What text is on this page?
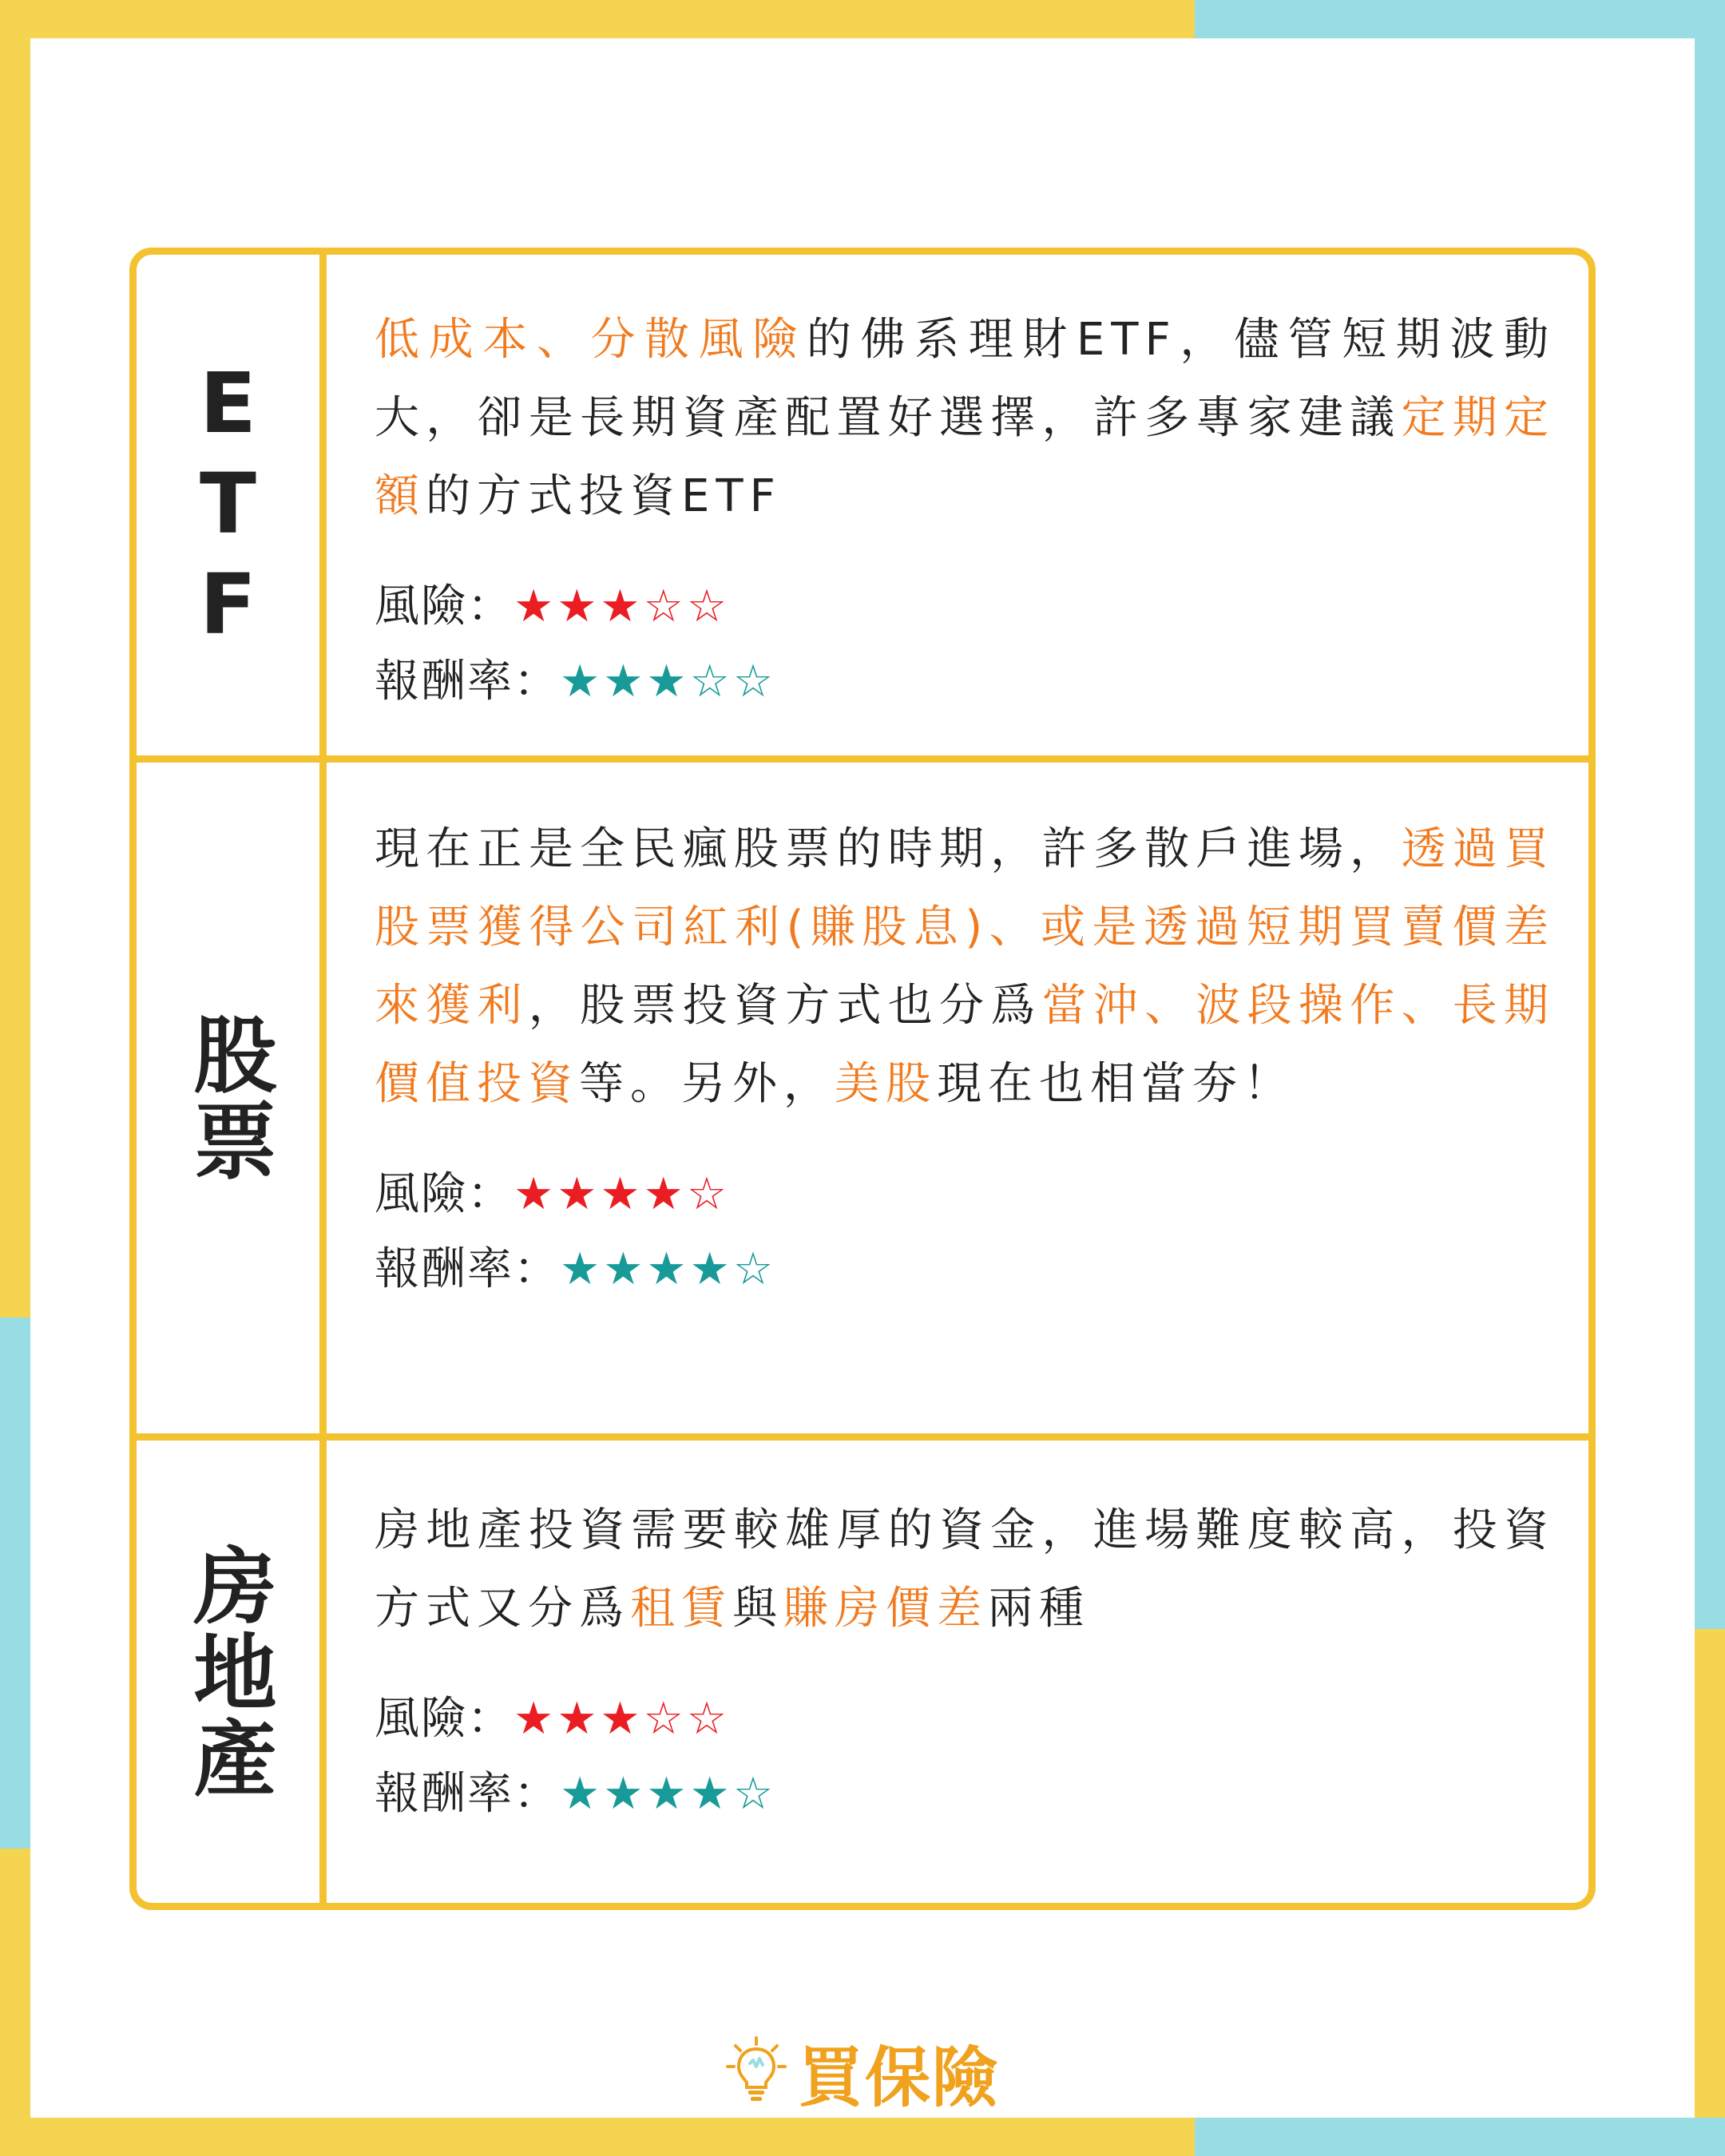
ETF

低成本、分散風險的佛系理財ETF，儘管短期波動大，卻是長期資產配置好選擇，許多專家建議定期定額的方式投資ETF

風險：★★★☆☆
報酬率：★★★☆☆
股票

現在正是全民瘋股票的時期，許多散戶進場，透過買股票獲得公司紅利(賺股息)、或是透過短期買賣價差來獲利，股票投資方式也分爲當沖、波段操作、長期價值投資等。另外，美股現在也相當夯！

風險：★★★★☆
報酬率：★★★★☆
房地產

房地產投資需要較雄厚的資金，進場難度較高，投資方式又分爲租賃與賺房價差兩種

風險：★★★☆☆
報酬率：★★★★☆
買保險
